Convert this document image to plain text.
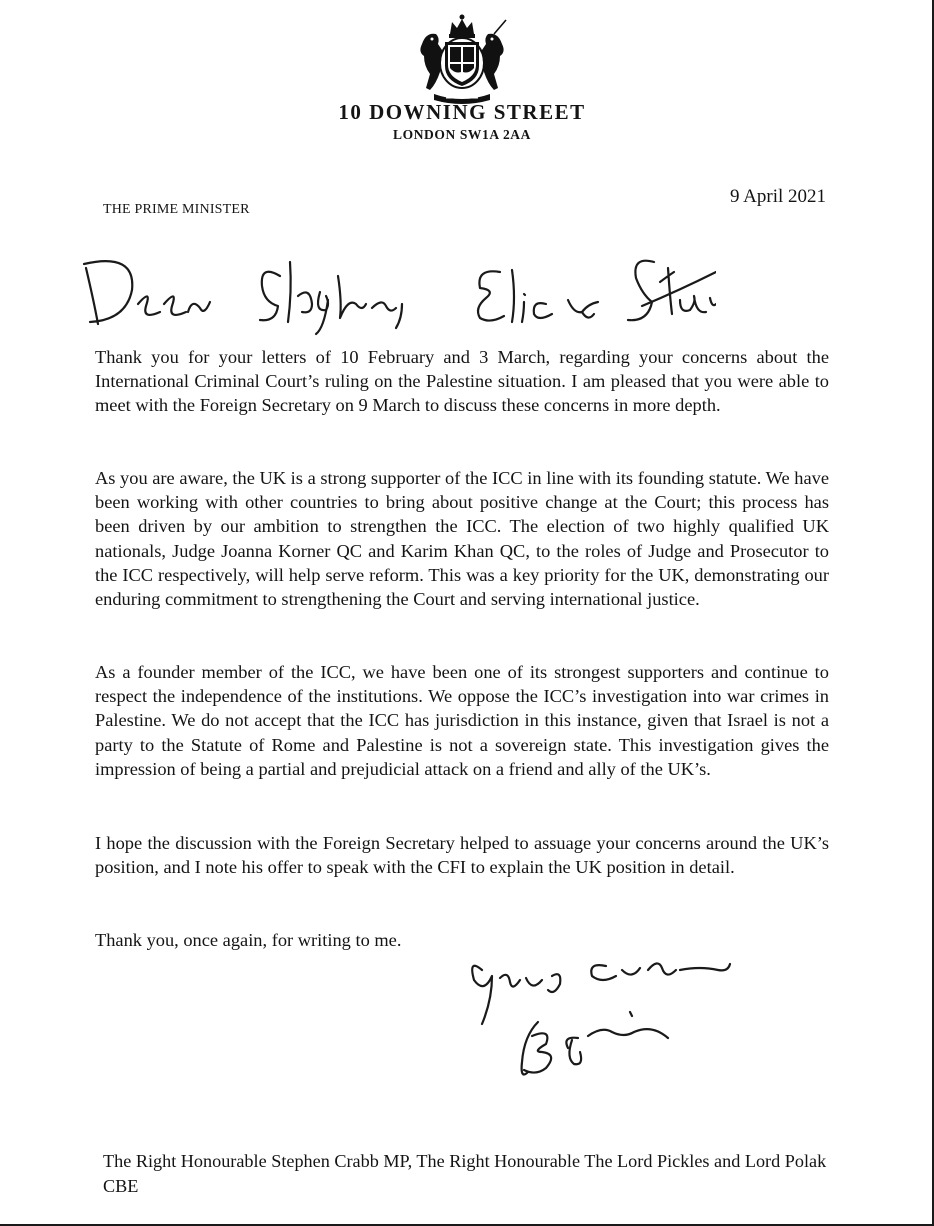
10 DOWNING STREET
LONDON SW1A 2AA
THE PRIME MINISTER
9 April 2021

Thank you for your letters of 10 February and 3 March, regarding your concerns about the International Criminal Court’s ruling on the Palestine situation. I am pleased that you were able to meet with the Foreign Secretary on 9 March to discuss these concerns in more depth.

As you are aware, the UK is a strong supporter of the ICC in line with its founding statute. We have been working with other countries to bring about positive change at the Court; this process has been driven by our ambition to strengthen the ICC. The election of two highly qualified UK nationals, Judge Joanna Korner QC and Karim Khan QC, to the roles of Judge and Prosecutor to the ICC respectively, will help serve reform. This was a key priority for the UK, demonstrating our enduring commitment to strengthening the Court and serving international justice.

As a founder member of the ICC, we have been one of its strongest supporters and continue to respect the independence of the institutions. We oppose the ICC’s investigation into war crimes in Palestine. We do not accept that the ICC has jurisdiction in this instance, given that Israel is not a party to the Statute of Rome and Palestine is not a sovereign state. This investigation gives the impression of being a partial and prejudicial attack on a friend and ally of the UK’s.

I hope the discussion with the Foreign Secretary helped to assuage your concerns around the UK’s position, and I note his offer to speak with the CFI to explain the UK position in detail.

Thank you, once again, for writing to me.
The Right Honourable Stephen Crabb MP, The Right Honourable The Lord Pickles and Lord Polak CBE
